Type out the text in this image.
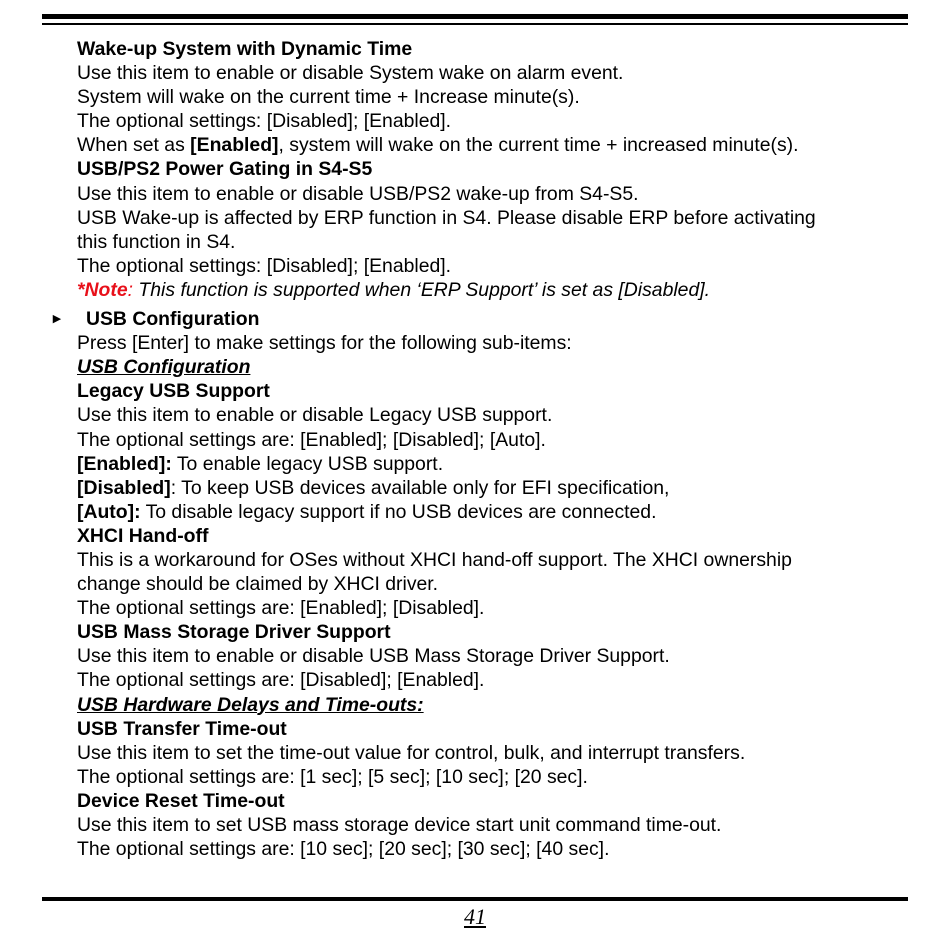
Wake-up System with Dynamic Time
Use this item to enable or disable System wake on alarm event.
System will wake on the current time + Increase minute(s).
The optional settings: [Disabled]; [Enabled].
When set as [Enabled], system will wake on the current time + increased minute(s).
USB/PS2 Power Gating in S4-S5
Use this item to enable or disable USB/PS2 wake-up from S4-S5.
USB Wake-up is affected by ERP function in S4. Please disable ERP before activating
this function in S4.
The optional settings: [Disabled]; [Enabled].
*Note: This function is supported when ‘ERP Support’ is set as [Disabled].
▸ USB Configuration
Press [Enter] to make settings for the following sub-items:
USB Configuration
Legacy USB Support
Use this item to enable or disable Legacy USB support.
The optional settings are: [Enabled]; [Disabled]; [Auto].
[Enabled]: To enable legacy USB support.
[Disabled]: To keep USB devices available only for EFI specification,
[Auto]: To disable legacy support if no USB devices are connected.
XHCI Hand-off
This is a workaround for OSes without XHCI hand-off support. The XHCI ownership
change should be claimed by XHCI driver.
The optional settings are: [Enabled]; [Disabled].
USB Mass Storage Driver Support
Use this item to enable or disable USB Mass Storage Driver Support.
The optional settings are: [Disabled]; [Enabled].
USB Hardware Delays and Time-outs:
USB Transfer Time-out
Use this item to set the time-out value for control, bulk, and interrupt transfers.
The optional settings are: [1 sec]; [5 sec]; [10 sec]; [20 sec].
Device Reset Time-out
Use this item to set USB mass storage device start unit command time-out.
The optional settings are: [10 sec]; [20 sec]; [30 sec]; [40 sec].
41
